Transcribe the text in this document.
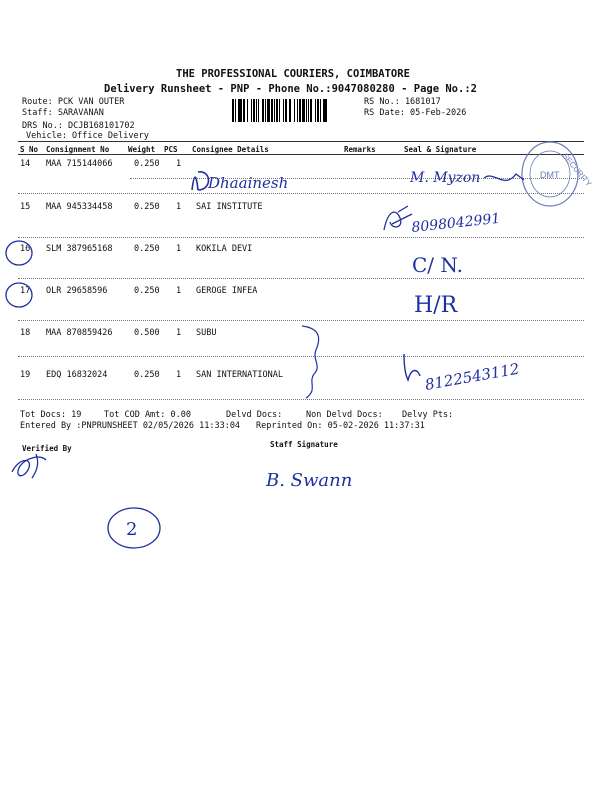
THE PROFESSIONAL COURIERS, COIMBATORE
Delivery Runsheet - PNP - Phone No.:9047080280 - Page No.:2
Route: PCK VAN OUTER
Staff: SARAVANAN
DRS No.: DCJB168101702
Vehicle: Office Delivery
RS No.: 1681017
RS Date: 05-Feb-2026
S No Consignment No	Weight PCS Consignee Details	Remarks	Seal & Signature
14 MAA 715144066	0.250 1
15 MAA 945334458	0.250 1 SAI INSTITUTE
16 SLM 387965168	0.250 1 KOKILA DEVI
17 OLR 29658596	0.250 1 GEROGE INFEA
18 MAA 870859426	0.500 1 SUBU
19 EDQ 16832024	0.250 1 SAN INTERNATIONAL
Tot Docs: 19	Tot COD Amt: 0.00	Delvd Docs:	Non Delvd Docs: Delvy Pts:
Entered By :PNPRUNSHEET 02/05/2026 11:33:04 Reprinted On: 05-02-2026 11:37:31
Verified By	Staff Signature
SECURITY
DMT
Dhaainesh	M. Myzon
8098042991
C/ N.
H/R
8122543112
B. Swann
2
